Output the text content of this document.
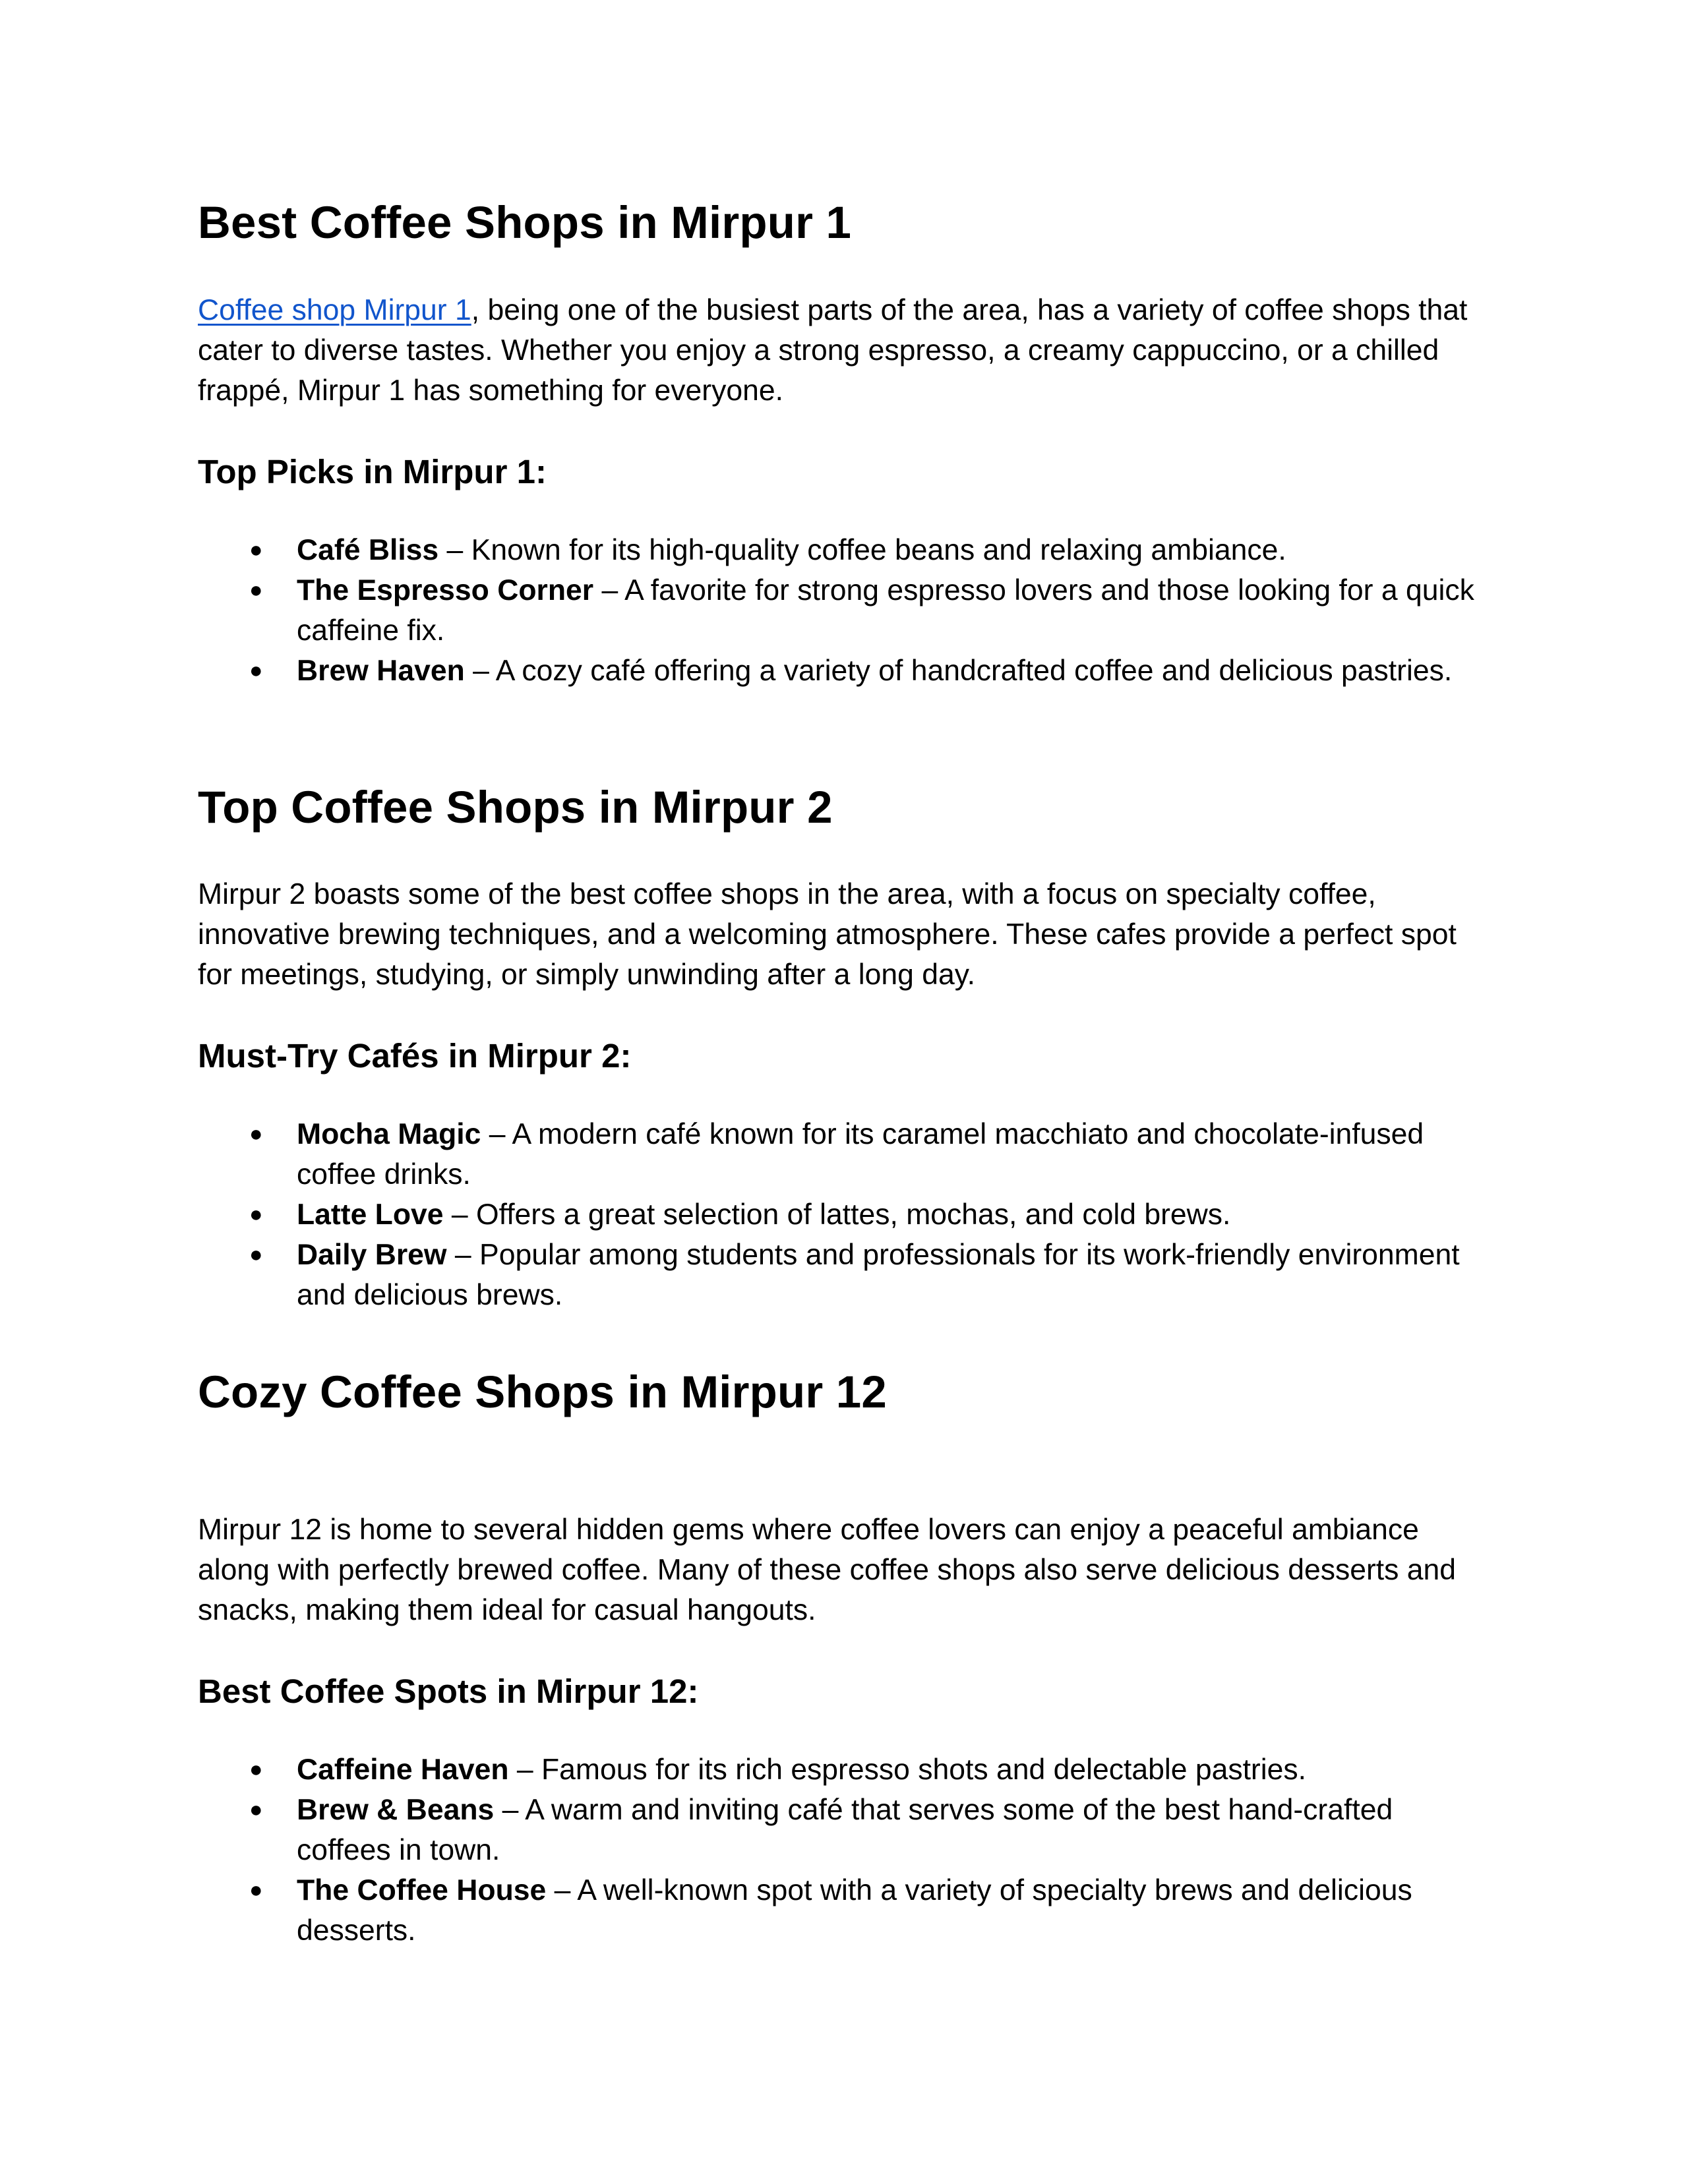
Best Coffee Shops in Mirpur 1

Coffee shop Mirpur 1, being one of the busiest parts of the area, has a variety of coffee shops that cater to diverse tastes. Whether you enjoy a strong espresso, a creamy cappuccino, or a chilled frappé, Mirpur 1 has something for everyone.

Top Picks in Mirpur 1:
● Café Bliss – Known for its high-quality coffee beans and relaxing ambiance.
● The Espresso Corner – A favorite for strong espresso lovers and those looking for a quick caffeine fix.
● Brew Haven – A cozy café offering a variety of handcrafted coffee and delicious pastries.
Top Coffee Shops in Mirpur 2

Mirpur 2 boasts some of the best coffee shops in the area, with a focus on specialty coffee, innovative brewing techniques, and a welcoming atmosphere. These cafes provide a perfect spot for meetings, studying, or simply unwinding after a long day.

Must-Try Cafés in Mirpur 2:
● Mocha Magic – A modern café known for its caramel macchiato and chocolate-infused coffee drinks.
● Latte Love – Offers a great selection of lattes, mochas, and cold brews.
● Daily Brew – Popular among students and professionals for its work-friendly environment and delicious brews.
Cozy Coffee Shops in Mirpur 12

Mirpur 12 is home to several hidden gems where coffee lovers can enjoy a peaceful ambiance along with perfectly brewed coffee. Many of these coffee shops also serve delicious desserts and snacks, making them ideal for casual hangouts.

Best Coffee Spots in Mirpur 12:
● Caffeine Haven – Famous for its rich espresso shots and delectable pastries.
● Brew & Beans – A warm and inviting café that serves some of the best hand-crafted coffees in town.
● The Coffee House – A well-known spot with a variety of specialty brews and delicious desserts.
